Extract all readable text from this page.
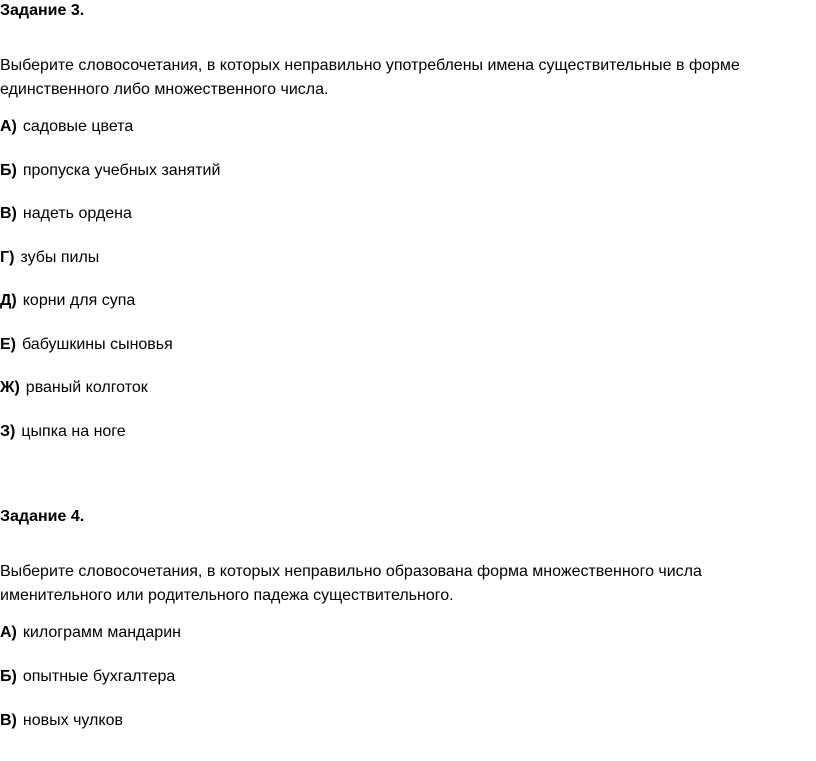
Задание 3.

Выберите словосочетания, в которых неправильно употреблены имена существительные в форме единственного либо множественного числа.

А) садовые цвета
Б) пропуска учебных занятий
В) надеть ордена
Г) зубы пилы
Д) корни для супа
Е) бабушкины сыновья
Ж) рваный колготок
З) цыпка на ноге

Задание 4.

Выберите словосочетания, в которых неправильно образована форма множественного числа именительного или родительного падежа существительного.

А) килограмм мандарин
Б) опытные бухгалтера
В) новых чулков
